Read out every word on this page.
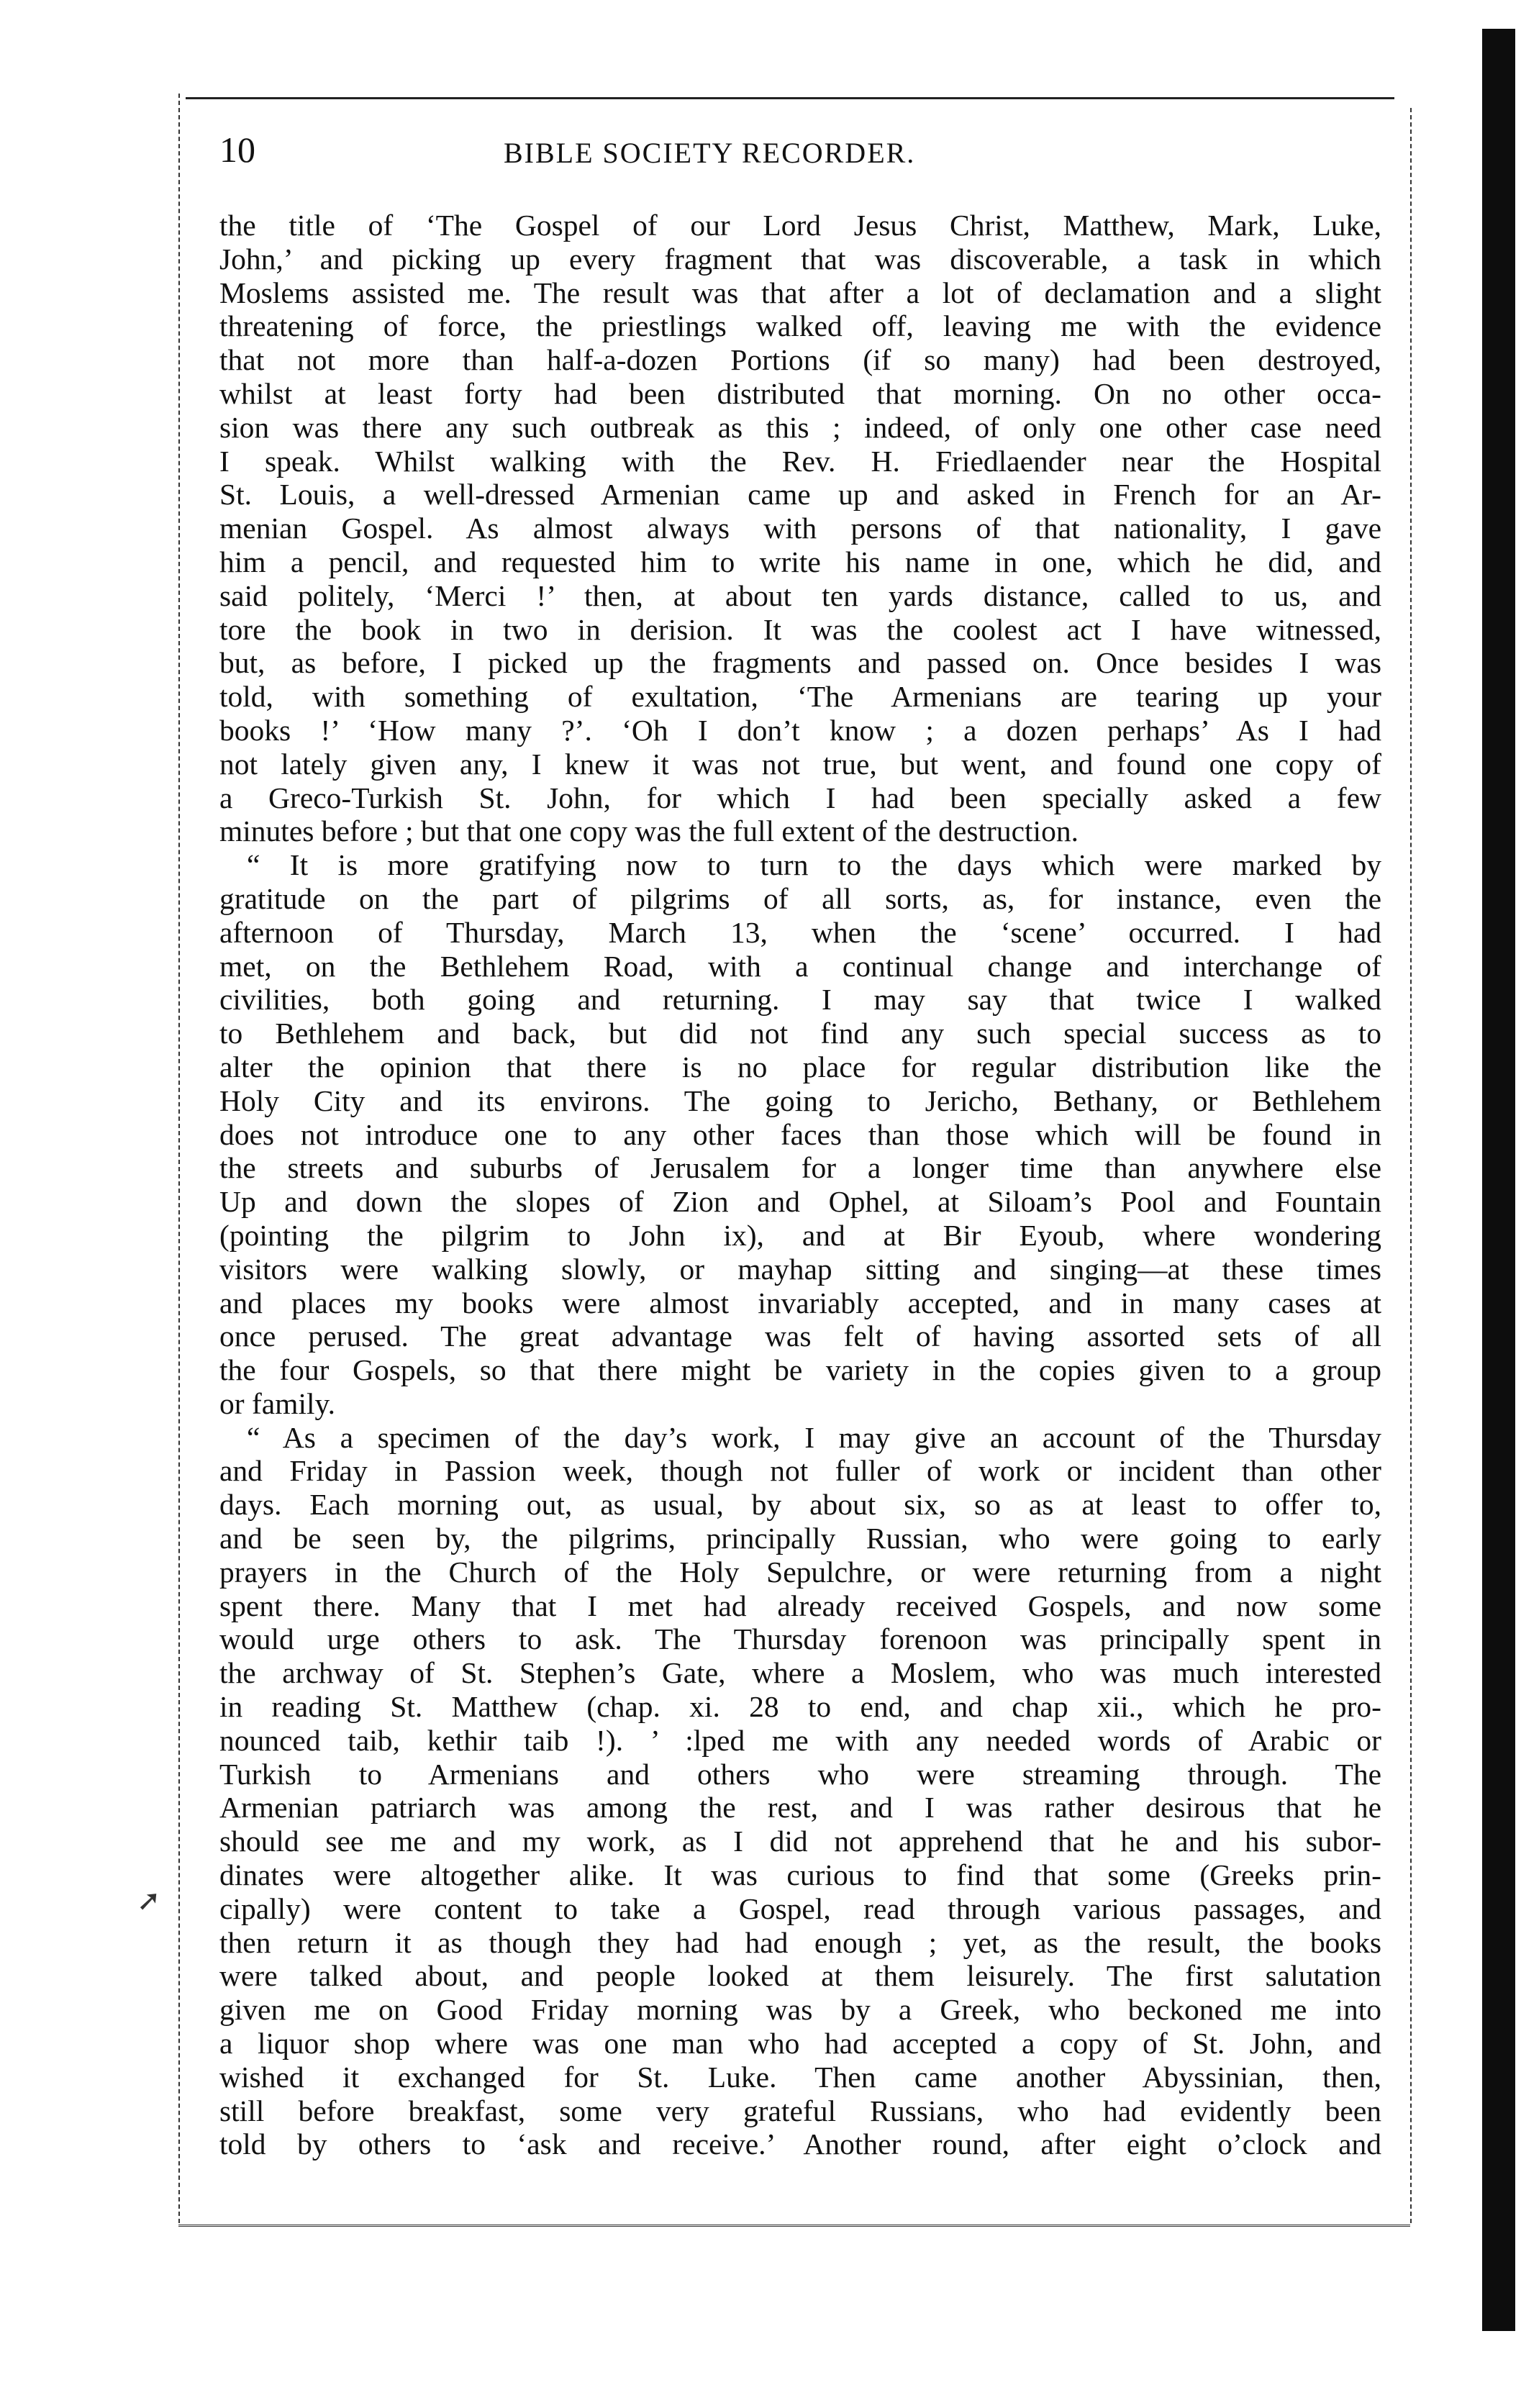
10	BIBLE SOCIETY RECORDER.
the title of ‘The Gospel of our Lord Jesus Christ, Matthew, Mark, Luke,
John,’ and picking up every fragment that was discoverable, a task in which
Moslems assisted me. The result was that after a lot of declamation and a slight
threatening of force, the priestlings walked off, leaving me with the evidence
that not more than half-a-dozen Portions (if so many) had been destroyed,
whilst at least forty had been distributed that morning. On no other occa-
sion was there any such outbreak as this ; indeed, of only one other case need
I speak. Whilst walking with the Rev. H. Friedlaender near the Hospital
St. Louis, a well-dressed Armenian came up and asked in French for an Ar-
menian Gospel. As almost always with persons of that nationality, I gave
him a pencil, and requested him to write his name in one, which he did, and
said politely, ‘Merci !’ then, at about ten yards distance, called to us, and
tore the book in two in derision. It was the coolest act I have witnessed,
but, as before, I picked up the fragments and passed on. Once besides I was
told, with something of exultation, ‘The Armenians are tearing up your
books !’ ‘How many ?’. ‘Oh I don’t know ; a dozen perhaps’ As I had
not lately given any, I knew it was not true, but went, and found one copy of
a Greco-Turkish St. John, for which I had been specially asked a few
minutes before ; but that one copy was the full extent of the destruction.
“ It is more gratifying now to turn to the days which were marked by
gratitude on the part of pilgrims of all sorts, as, for instance, even the
afternoon of Thursday, March 13, when the ‘scene’ occurred. I had
met, on the Bethlehem Road, with a continual change and interchange of
civilities, both going and returning. I may say that twice I walked
to Bethlehem and back, but did not find any such special success as to
alter the opinion that there is no place for regular distribution like the
Holy City and its environs. The going to Jericho, Bethany, or Bethlehem
does not introduce one to any other faces than those which will be found in
the streets and suburbs of Jerusalem for a longer time than anywhere else
Up and down the slopes of Zion and Ophel, at Siloam’s Pool and Fountain
(pointing the pilgrim to John ix), and at Bir Eyoub, where wondering
visitors were walking slowly, or mayhap sitting and singing—at these times
and places my books were almost invariably accepted, and in many cases at
once perused. The great advantage was felt of having assorted sets of all
the four Gospels, so that there might be variety in the copies given to a group
or family.
“ As a specimen of the day’s work, I may give an account of the Thursday
and Friday in Passion week, though not fuller of work or incident than other
days. Each morning out, as usual, by about six, so as at least to offer to,
and be seen by, the pilgrims, principally Russian, who were going to early
prayers in the Church of the Holy Sepulchre, or were returning from a night
spent there. Many that I met had already received Gospels, and now some
would urge others to ask. The Thursday forenoon was principally spent in
the archway of St. Stephen’s Gate, where a Moslem, who was much interested
in reading St. Matthew (chap. xi. 28 to end, and chap xii., which he pro-
nounced taib, kethir taib !). ’ :lped me with any needed words of Arabic or
Turkish to Armenians and others who were streaming through. The
Armenian patriarch was among the rest, and I was rather desirous that he
should see me and my work, as I did not apprehend that he and his subor-
dinates were altogether alike. It was curious to find that some (Greeks prin-
cipally) were content to take a Gospel, read through various passages, and
then return it as though they had had enough ; yet, as the result, the books
were talked about, and people looked at them leisurely. The first salutation
given me on Good Friday morning was by a Greek, who beckoned me into
a liquor shop where was one man who had accepted a copy of St. John, and
wished it exchanged for St. Luke. Then came another Abyssinian, then,
still before breakfast, some very grateful Russians, who had evidently been
told by others to ‘ask and receive.’ Another round, after eight o’clock and
➚
